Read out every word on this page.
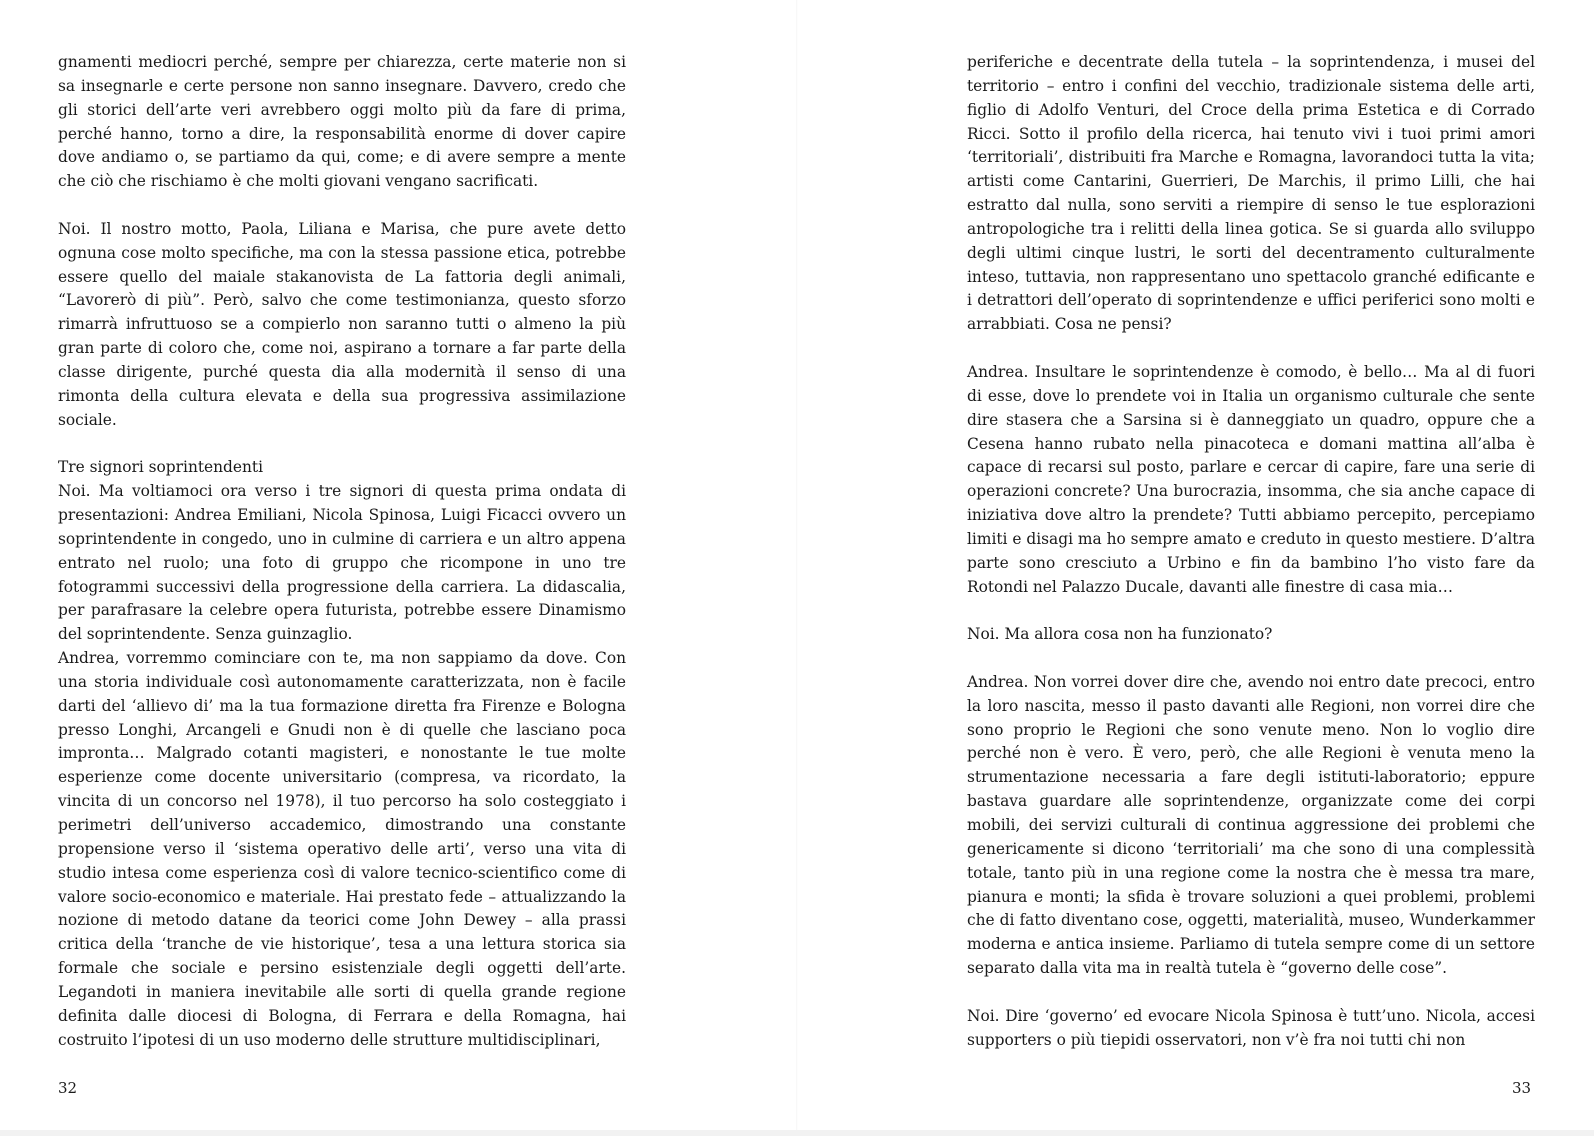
gnamenti mediocri perché, sempre per chiarezza, certe materie non si sa insegnarle e certe persone non sanno insegnare. Davvero, credo che gli storici dell’arte veri avrebbero oggi molto più da fare di prima, perché hanno, torno a dire, la responsabilità enorme di dover capire dove andiamo o, se partiamo da qui, come; e di avere sempre a mente che ciò che rischiamo è che molti giovani vengano sacrificati.

Noi. Il nostro motto, Paola, Liliana e Marisa, che pure avete detto ognuna cose molto specifiche, ma con la stessa passione etica, potrebbe essere quello del maiale stakanovista de La fattoria degli animali, “Lavorerò di più”. Però, salvo che come testimonianza, questo sforzo rimarrà infruttuoso se a compierlo non saranno tutti o almeno la più gran parte di coloro che, come noi, aspirano a tornare a far parte della classe dirigente, purché questa dia alla modernità il senso di una rimonta della cultura elevata e della sua progressiva assimilazione sociale.

Tre signori soprintendenti

Noi. Ma voltiamoci ora verso i tre signori di questa prima ondata di presentazioni: Andrea Emiliani, Nicola Spinosa, Luigi Ficacci ovvero un soprintendente in congedo, uno in culmine di carriera e un altro appena entrato nel ruolo; una foto di gruppo che ricompone in uno tre fotogrammi successivi della progressione della carriera. La didascalia, per parafrasare la celebre opera futurista, potrebbe essere Dinamismo del soprintendente. Senza guinzaglio.

Andrea, vorremmo cominciare con te, ma non sappiamo da dove. Con una storia individuale così autonomamente caratterizzata, non è facile darti del ‘allievo di’ ma la tua formazione diretta fra Firenze e Bologna presso Longhi, Arcangeli e Gnudi non è di quelle che lasciano poca impronta… Malgrado cotanti magisteri, e nonostante le tue molte esperienze come docente universitario (compresa, va ricordato, la vincita di un concorso nel 1978), il tuo percorso ha solo costeggiato i perimetri dell’universo accademico, dimostrando una constante propensione verso il ‘sistema operativo delle arti’, verso una vita di studio intesa come esperienza così di valore tecnico-scientifico come di valore socio-economico e materiale. Hai prestato fede – attualizzando la nozione di metodo datane da teorici come John Dewey – alla prassi critica della ‘tranche de vie historique’, tesa a una lettura storica sia formale che sociale e persino esistenziale degli oggetti dell’arte. Legandoti in maniera inevitabile alle sorti di quella grande regione definita dalle diocesi di Bologna, di Ferrara e della Romagna, hai costruito l’ipotesi di un uso moderno delle strutture multidisciplinari,

periferiche e decentrate della tutela – la soprintendenza, i musei del territorio – entro i confini del vecchio, tradizionale sistema delle arti, figlio di Adolfo Venturi, del Croce della prima Estetica e di Corrado Ricci. Sotto il profilo della ricerca, hai tenuto vivi i tuoi primi amori ‘territoriali’, distribuiti fra Marche e Romagna, lavorandoci tutta la vita; artisti come Cantarini, Guerrieri, De Marchis, il primo Lilli, che hai estratto dal nulla, sono serviti a riempire di senso le tue esplorazioni antropologiche tra i relitti della linea gotica. Se si guarda allo sviluppo degli ultimi cinque lustri, le sorti del decentramento culturalmente inteso, tuttavia, non rappresentano uno spettacolo granché edificante e i detrattori dell’operato di soprintendenze e uffici periferici sono molti e arrabbiati. Cosa ne pensi?

Andrea. Insultare le soprintendenze è comodo, è bello… Ma al di fuori di esse, dove lo prendete voi in Italia un organismo culturale che sente dire stasera che a Sarsina si è danneggiato un quadro, oppure che a Cesena hanno rubato nella pinacoteca e domani mattina all’alba è capace di recarsi sul posto, parlare e cercar di capire, fare una serie di operazioni concrete? Una burocrazia, insomma, che sia anche capace di iniziativa dove altro la prendete? Tutti abbiamo percepito, percepiamo limiti e disagi ma ho sempre amato e creduto in questo mestiere. D’altra parte sono cresciuto a Urbino e fin da bambino l’ho visto fare da Rotondi nel Palazzo Ducale, davanti alle finestre di casa mia…

Noi. Ma allora cosa non ha funzionato?

Andrea. Non vorrei dover dire che, avendo noi entro date precoci, entro la loro nascita, messo il pasto davanti alle Regioni, non vorrei dire che sono proprio le Regioni che sono venute meno. Non lo voglio dire perché non è vero. È vero, però, che alle Regioni è venuta meno la strumentazione necessaria a fare degli istituti-laboratorio; eppure bastava guardare alle soprintendenze, organizzate come dei corpi mobili, dei servizi culturali di continua aggressione dei problemi che genericamente si dicono ‘territoriali’ ma che sono di una complessità totale, tanto più in una regione come la nostra che è messa tra mare, pianura e monti; la sfida è trovare soluzioni a quei problemi, problemi che di fatto diventano cose, oggetti, materialità, museo, Wunderkammer moderna e antica insieme. Parliamo di tutela sempre come di un settore separato dalla vita ma in realtà tutela è “governo delle cose”.

Noi. Dire ‘governo’ ed evocare Nicola Spinosa è tutt’uno. Nicola, accesi supporters o più tiepidi osservatori, non v’è fra noi tutti chi non

32	33
